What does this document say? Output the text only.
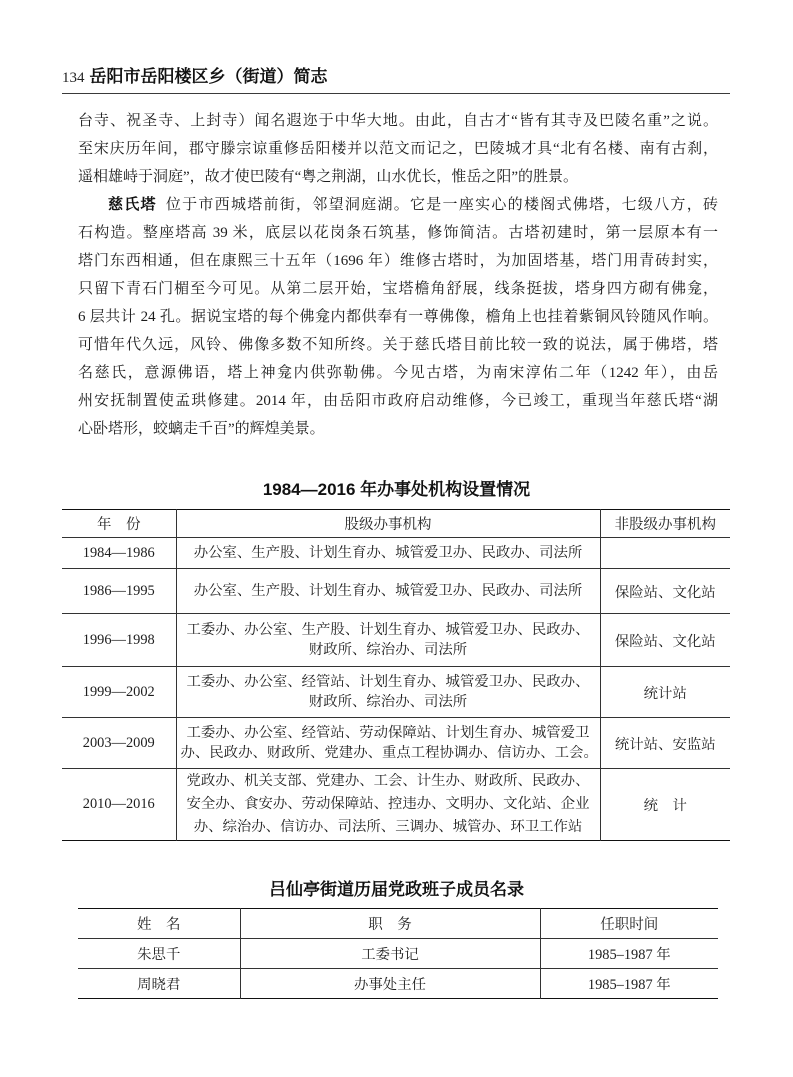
134 岳阳市岳阳楼区乡（街道）简志
台寺、祝圣寺、上封寺）闻名遐迩于中华大地。由此，自古才“皆有其寺及巴陵名重”之说。
至宋庆历年间，郡守滕宗谅重修岳阳楼并以范文而记之，巴陵城才具“北有名楼、南有古刹，
遥相雄峙于洞庭”，故才使巴陵有“粤之荆湖，山水优长，惟岳之阳”的胜景。
慈氏塔 位于市西城塔前街，邻望洞庭湖。它是一座实心的楼阁式佛塔，七级八方，砖
石构造。整座塔高 39 米，底层以花岗条石筑基，修饰简洁。古塔初建时，第一层原本有一
塔门东西相通，但在康熙三十五年（1696 年）维修古塔时，为加固塔基，塔门用青砖封实，
只留下青石门楣至今可见。从第二层开始，宝塔檐角舒展，线条挺拔，塔身四方砌有佛龛，
6 层共计 24 孔。据说宝塔的每个佛龛内都供奉有一尊佛像，檐角上也挂着紫铜风铃随风作响。
可惜年代久远，风铃、佛像多数不知所终。关于慈氏塔目前比较一致的说法，属于佛塔，塔
名慈氏，意源佛语，塔上神龛内供弥勒佛。今见古塔，为南宋淳佑二年（1242 年），由岳
州安抚制置使孟珙修建。2014 年，由岳阳市政府启动维修，今已竣工，重现当年慈氏塔“湖
心卧塔形，蛟螭走千百”的辉煌美景。
1984—2016 年办事处机构设置情况
年　份	股级办事机构	非股级办事机构
1984—1986	办公室、生产股、计划生育办、城管爱卫办、民政办、司法所	

1986—1995	办公室、生产股、计划生育办、城管爱卫办、民政办、司法所	保险站、文化站
1996—1998	工委办、办公室、生产股、计划生育办、城管爱卫办、民政办、
财政所、综治办、司法所	保险站、文化站
1999—2002	工委办、办公室、经管站、计划生育办、城管爱卫办、民政办、
财政所、综治办、司法所	统计站
2003—2009	工委办、办公室、经管站、劳动保障站、计划生育办、城管爱卫
办、民政办、财政所、党建办、重点工程协调办、信访办、工会。	统计站、安监站
2010—2016	党政办、机关支部、党建办、工会、计生办、财政所、民政办、
安全办、食安办、劳动保障站、控违办、文明办、文化站、企业
办、综治办、信访办、司法所、三调办、城管办、环卫工作站	统　计
吕仙亭街道历届党政班子成员名录
姓　名	职　务	任职时间
朱思千	工委书记	1985–1987 年
周晓君	办事处主任	1985–1987 年
